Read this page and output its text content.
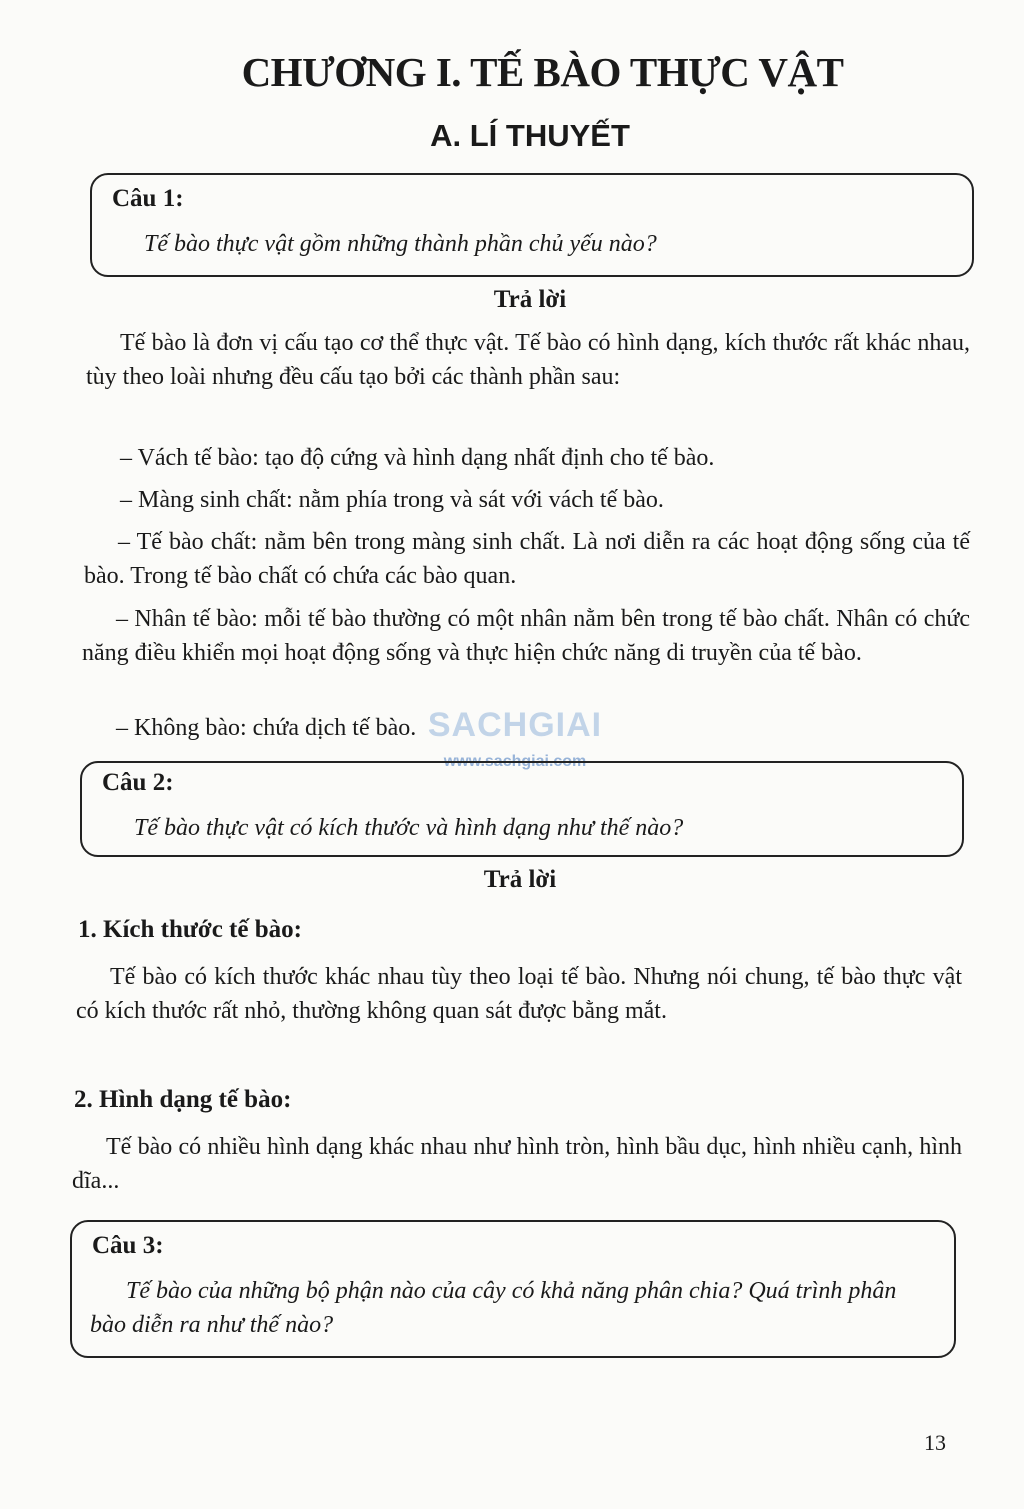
CHƯƠNG I. TẾ BÀO THỰC VẬT
A. LÍ THUYẾT
Câu 1:
Tế bào thực vật gồm những thành phần chủ yếu nào?
Trả lời
Tế bào là đơn vị cấu tạo cơ thể thực vật. Tế bào có hình dạng, kích thước rất khác nhau, tùy theo loài nhưng đều cấu tạo bởi các thành phần sau:
– Vách tế bào: tạo độ cứng và hình dạng nhất định cho tế bào.
– Màng sinh chất: nằm phía trong và sát với vách tế bào.
– Tế bào chất: nằm bên trong màng sinh chất. Là nơi diễn ra các hoạt động sống của tế bào. Trong tế bào chất có chứa các bào quan.
– Nhân tế bào: mỗi tế bào thường có một nhân nằm bên trong tế bào chất. Nhân có chức năng điều khiển mọi hoạt động sống và thực hiện chức năng di truyền của tế bào.
– Không bào: chứa dịch tế bào. SACHGIAI
www.sachgiai.com
Câu 2:
Tế bào thực vật có kích thước và hình dạng như thế nào?
Trả lời
1. Kích thước tế bào:
Tế bào có kích thước khác nhau tùy theo loại tế bào. Nhưng nói chung, tế bào thực vật có kích thước rất nhỏ, thường không quan sát được bằng mắt.
2. Hình dạng tế bào:
Tế bào có nhiều hình dạng khác nhau như hình tròn, hình bầu dục, hình nhiều cạnh, hình dĩa...
Câu 3:
Tế bào của những bộ phận nào của cây có khả năng phân chia? Quá trình phân bào diễn ra như thế nào?
13
